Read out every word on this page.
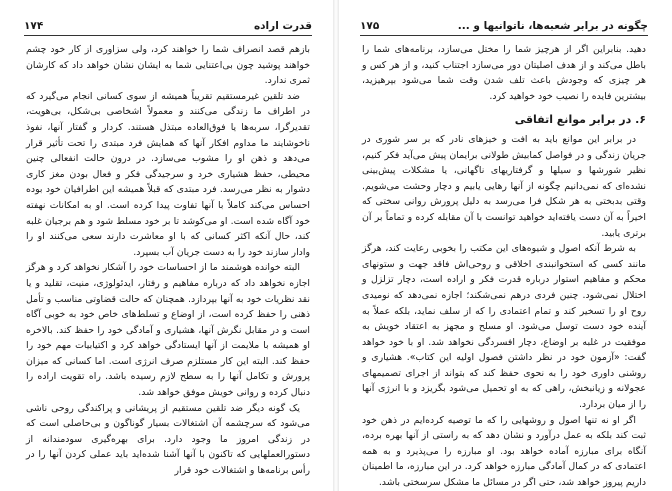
قدرت اراده
۱۷۴

بازهم قصد انصراف شما را خواهند کرد، ولی سزاوری از کار خود چشم خواهند پوشید چون بی‌اعتنایی شما به ایشان نشان خواهد داد که کارشان ثمری ندارد.

ضد تلقین غیرمستقیم تقریباً همیشه از سوی کسانی انجام می‌گیرد که در اطراف ما زندگی می‌کنند و معمولاً اشخاصی بی‌شکل، بی‌هویت، تقدیرگرا، سربه‌ها یا فوق‌العاده مبتذل هستند. کردار و گفتار آنها، نفوذ ناخوشایند ما مداوم افکار آنها که همایش فرد مبتدی را تحت تأثیر قرار می‌دهد و ذهن او را مشوب می‌سازد. در درون حالت انفعالی چنین محیطی، حفظ هشیاری خرد و سرجیدگی فکر و فعال بودن مغز کاری دشوار به نظر می‌رسد. فرد مبتدی که قبلاً همیشه این اطرافیان خود بوده احساس می‌کند کاملاً با آنها تفاوت پیدا کرده است. او به امکانات نهفته خود آگاه شده است. او می‌کوشد تا بر خود مسلط شود و هم برجیان غلبه کند، حال آنکه اکثر کسانی که با او معاشرت دارند سعی می‌کنند او را وادار سازند خود را به دست جریان آب بسپرد.

البته خوانده هوشمند ما از احساسات خود را آشکار نخواهد کرد و هرگز اجازه نخواهد داد که درباره مفاهیم و رفتار، ایدئولوژی، منیت، تقلید و یا نقد نظریات خود به آنها بپردازد. همچنان که حالت قضاوتی مناسب و تأمل ذهنی را حفظ کرده است، از اوضاع و تسلط‌های خاص خود به خوبی آگاه است و در مقابل نگرش آنها، هشیاری و آمادگی خود را حفظ کند. بالاخره او همیشه با ملایمت از آنها ایستادگی خواهد کرد و اکتیابیات مهم خود را حفظ کند. البته این کار مستلزم صرف انرژی است. اما کسانی که میزان پرورش و تکامل آنها را به سطح لازم رسیده باشد. راه تقویت اراده را دنبال کرده و روانی خویش موفق خواهد شد.

یک گونه دیگر ضد تلقین مستقیم از پریشانی و پراکندگی روحی ناشی می‌شود که سرچشمه آن اشتغالات بسیار گوناگون و بی‌حاصلی است که در زندگی امروز ما وجود دارد. برای بهره‌گیری سودمندانه از دستورالعملهایی که تاکنون با آنها آشنا شده‌اید باید عملی کردن آنها را در رأس برنامه‌ها و اشتغالات خود قرار

چگونه در برابر شعبه‌ها، ناتوانیها و ...
۱۷۵

دهید. بنابراین اگر از هرچیز شما را مختل می‌سازد، برنامه‌های شما را باطل می‌کند و از هدف اصلیتان دور می‌سازد اجتناب کنید، و از هر کس و هر چیزی که وجودش باعث تلف شدن وقت شما می‌شود بپرهیزید، بیشترین فایده را نصیب خود خواهید کرد.

۶. در برابر موانع اتفاقی

در برابر این موانع باید به افت و خیزهای نادر که بر سر شوری در جریان زندگی و در فواصل کمابیش طولانی برایمان پیش می‌آید فکر کنیم، نظیر شورشها و سیلها و گرفتاریهای ناگهانی، یا مشکلات پیش‌بینی نشده‌ای که نمی‌دانیم چگونه از آنها رهایی یابیم و دچار وحشت می‌شویم. وقتی بدبختی به هر شکل فرا می‌رسد به دلیل پرورش روانی سختی که اخیراً به آن دست یافته‌اید خواهید توانست با آن مقابله کرده و تماماً بر آن برتری یابید.

به شرط آنکه اصول و شیوه‌های این مکتب را بخوبی رعایت کند، هرگز مانند کسی که استخوانبندی اخلاقی و روحی‌اش فاقد جهت و ستونهای محکم و مفاهیم استوار درباره قدرت فکر و اراده است، دچار تزلزل و اختلال نمی‌شود. چنین فردی درهم نمی‌شکند؛ اجازه نمی‌دهد که نومیدی روح او را تسخیر کند و تمام اعتمادی را که از سلف نماید، بلکه عملاً به آینده خود دست توسل می‌شود. او مسلح و مجهز به اعتقاد خویش به موفقیت در غلبه بر اوضاع، دچار افسردگی نخواهد شد. او با خود خواهد گفت: «آزمون خود در نظر داشتن فصول اولیه این کتاب». هشیاری و روشنی داوری خود را به نحوی حفظ کند که بتواند از اجرای تصمیمهای عجولانه و زیانبخش، راهی که به او تحمیل می‌شود بگریزد و با انرژی آنها را از میان بردارد.

اگر او نه تنها اصول و روشهایی را که ما توصیه کرده‌ایم در ذهن خود ثبت کند بلکه به عمل درآورد و نشان دهد که به راستی از آنها بهره برده، آنگاه برای مبارزه آماده خواهد بود. او مبارزه را می‌پذیرد و به همه اعتمادی که در کمال آمادگی مبارزه خواهد کرد. در این مبارزه، ما اطمینان داریم پیروز خواهد شد، حتی اگر در مسائل ما مشکل سرسختی باشد.
